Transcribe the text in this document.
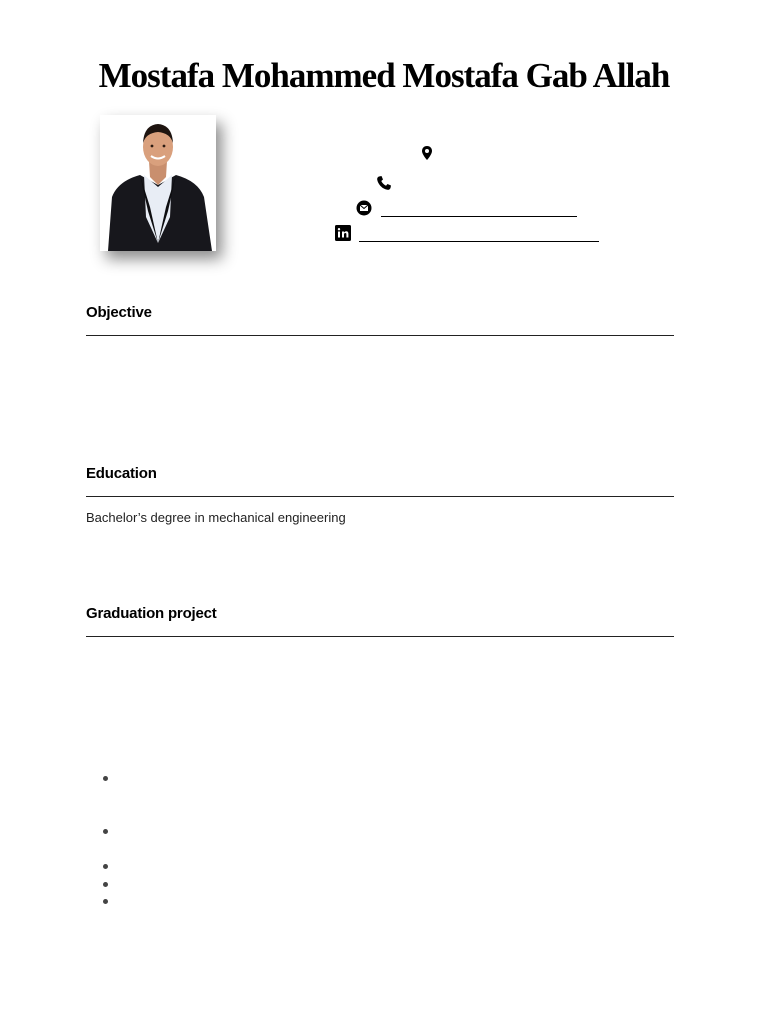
Mostafa Mohammed Mostafa Gab Allah
Objective
Education
Bachelor’s degree in mechanical engineering
Graduation project
